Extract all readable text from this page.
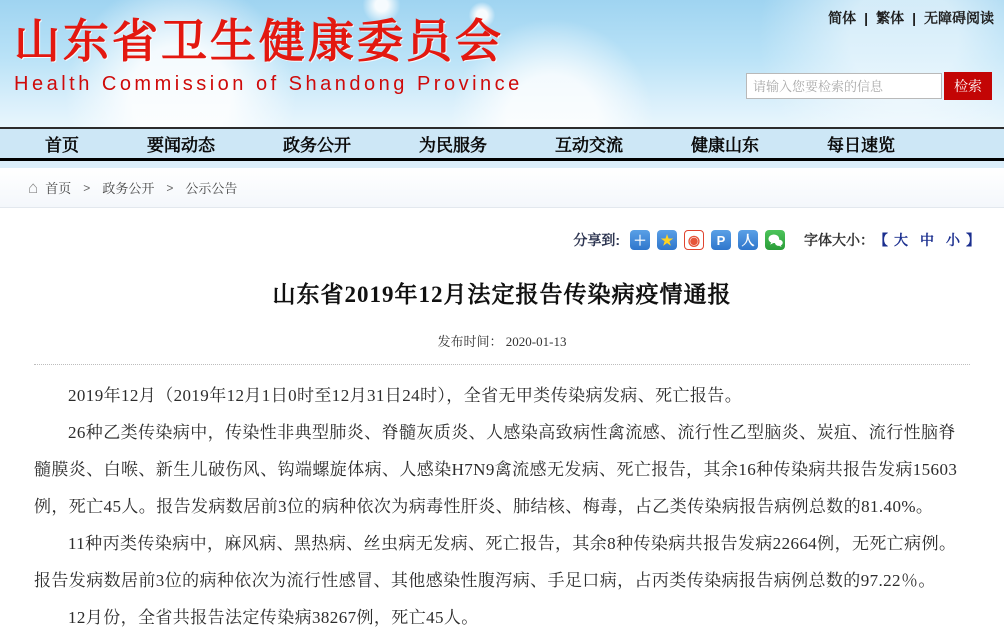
简体 | 繁体 | 无障碍阅读
山东省卫生健康委员会
Health Commission of Shandong Province
请输入您要检索的信息	检索
首页	要闻动态	政务公开	为民服务	互动交流	健康山东	每日速览
⌂ 首页 > 政务公开 > 公示公告
分享到: ＋ ★ ◉	P	人	字体大小： 【 大 中 小 】
山东省2019年12月法定报告传染病疫情通报
发布时间： 2020-01-13

2019年12月（2019年12月1日0时至12月31日24时），全省无甲类传染病发病、死亡报告。

26种乙类传染病中，传染性非典型肺炎、脊髓灰质炎、人感染高致病性禽流感、流行性乙型脑炎、炭疽、流行性脑脊髓膜炎、白喉、新生儿破伤风、钩端螺旋体病、人感染H7N9禽流感无发病、死亡报告，其余16种传染病共报告发病15603例，死亡45人。报告发病数居前3位的病种依次为病毒性肝炎、肺结核、梅毒，占乙类传染病报告病例总数的81.40%。

11种丙类传染病中，麻风病、黑热病、丝虫病无发病、死亡报告，其余8种传染病共报告发病22664例，无死亡病例。报告发病数居前3位的病种依次为流行性感冒、其他感染性腹泻病、手足口病，占丙类传染病报告病例总数的97.22％。

12月份，全省共报告法定传染病38267例，死亡45人。
